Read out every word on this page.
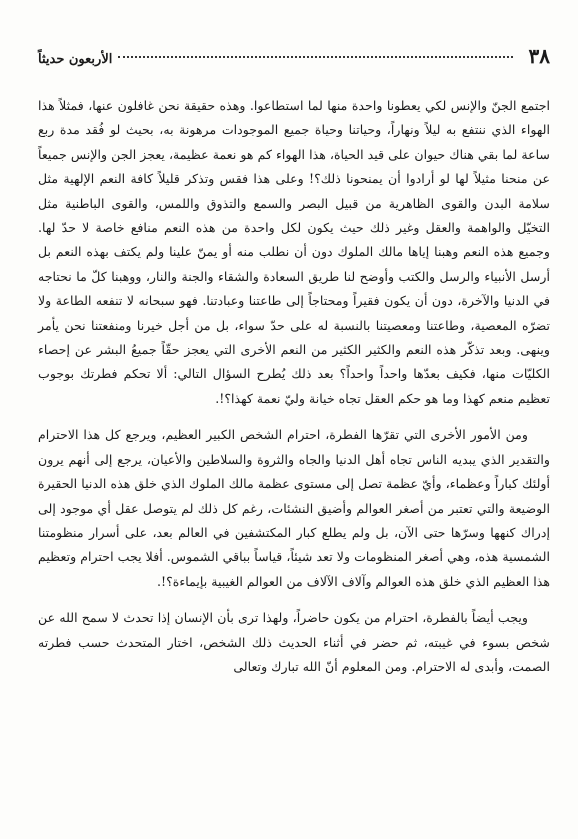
٣٨
الأربعون حديثاً

اجتمع الجنّ والإنس لكي يعطونا واحدة منها لما استطاعوا. وهذه حقيقة نحن غافلون عنها، فمثلاً هذا الهواء الذي ننتفع به ليلاً ونهاراً، وحياتنا وحياة جميع الموجودات مرهونة به، بحيث لو فُقد مدة ربع ساعة لما بقي هناك حيوان على قيد الحياة، هذا الهواء كم هو نعمة عظيمة، يعجز الجن والإنس جميعاً عن منحنا مثيلاً لها لو أرادوا أن يمنحونا ذلك؟! وعلى هذا فقس وتذكر قليلاً كافة النعم الإلهية مثل سلامة البدن والقوى الظاهرية من قبيل البصر والسمع والتذوق واللمس، والقوى الباطنية مثل التخيّل والواهمة والعقل وغير ذلك حيث يكون لكل واحدة من هذه النعم منافع خاصة لا حدّ لها. وجميع هذه النعم وهبنا إياها مالك الملوك دون أن نطلب منه أو يمنّ علينا ولم يكتف بهذه النعم بل أرسل الأنبياء والرسل والكتب وأوضح لنا طريق السعادة والشقاء والجنة والنار، ووهبنا كلّ ما نحتاجه في الدنيا والآخرة، دون أن يكون فقيراً ومحتاجاً إلى طاعتنا وعبادتنا. فهو سبحانه لا تنفعه الطاعة ولا تضرّه المعصية، وطاعتنا ومعصيتنا بالنسبة له على حدّ سواء، بل من أجل خيرنا ومنفعتنا نحن يأمر وينهى. وبعد تذكّر هذه النعم والكثير الكثير من النعم الأخرى التي يعجز حقّاً جميعُ البشر عن إحصاء الكليّات منها، فكيف بعدّها واحداً واحداً؟ بعد ذلك يُطرح السؤال التالي: ألا تحكم فطرتك بوجوب تعظيم منعم كهذا وما هو حكم العقل تجاه خيانة وليّ نعمة كهذا؟!.

ومن الأمور الأخرى التي تقرّها الفطرة، احترام الشخص الكبير العظيم، ويرجع كل هذا الاحترام والتقدير الذي يبديه الناس تجاه أهل الدنيا والجاه والثروة والسلاطين والأعيان، يرجع إلى أنهم يرون أولئك كباراً وعظماء، وأيّ عظمة تصل إلى مستوى عظمة مالك الملوك الذي خلق هذه الدنيا الحقيرة الوضيعة والتي تعتبر من أصغر العوالم وأضيق النشئات، رغم كل ذلك لم يتوصل عقل أي موجود إلى إدراك كنهها وسرّها حتى الآن، بل ولم يطلع كبار المكتشفين في العالم بعد، على أسرار منظومتنا الشمسية هذه، وهي أصغر المنظومات ولا تعد شيئاً، قياساً بباقي الشموس. أفلا يجب احترام وتعظيم هذا العظيم الذي خلق هذه العوالم وآلاف الآلاف من العوالم الغيبية بإيماءة؟!.

ويجب أيضاً بالفطرة، احترام من يكون حاضراً، ولهذا ترى بأن الإنسان إذا تحدث لا سمح الله عن شخص بسوء في غيبته، ثم حضر في أثناء الحديث ذلك الشخص، اختار المتحدث حسب فطرته الصمت، وأبدى له الاحترام. ومن المعلوم أنّ الله تبارك وتعالى
